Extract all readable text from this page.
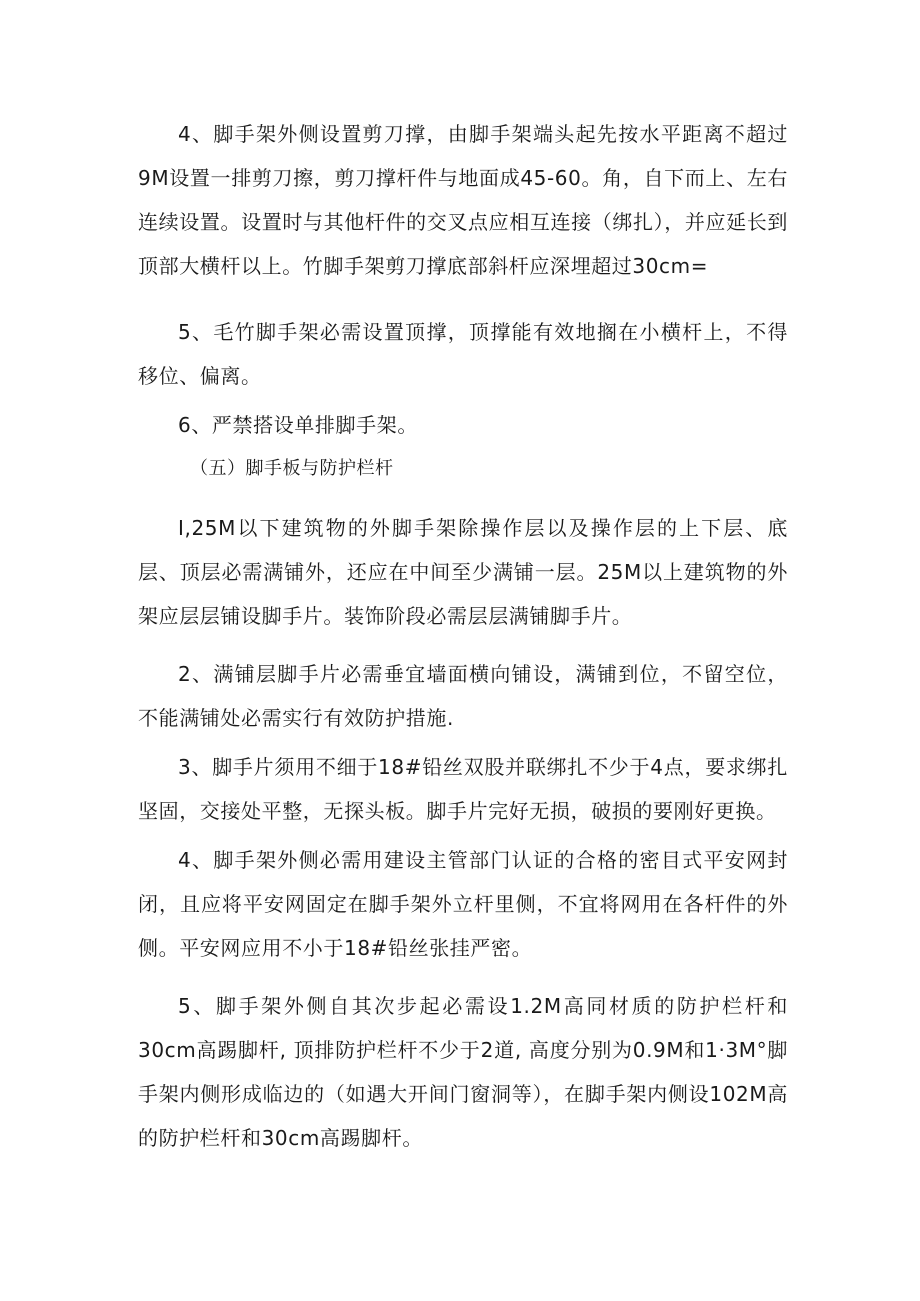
4、脚手架外侧设置剪刀撑，由脚手架端头起先按水平距离不超过9M设置一排剪刀擦，剪刀撑杆件与地面成45-60。角，自下而上、左右连续设置。设置时与其他杆件的交叉点应相互连接（绑扎），并应延长到顶部大横杆以上。竹脚手架剪刀撑底部斜杆应深埋超过30cm=

5、毛竹脚手架必需设置顶撑，顶撑能有效地搁在小横杆上，不得移位、偏离。

6、严禁搭设单排脚手架。

（五）脚手板与防护栏杆

I,25M以下建筑物的外脚手架除操作层以及操作层的上下层、底层、顶层必需满铺外，还应在中间至少满铺一层。25M以上建筑物的外架应层层铺设脚手片。装饰阶段必需层层满铺脚手片。

2、满铺层脚手片必需垂宜墙面横向铺设，满铺到位，不留空位，不能满铺处必需实行有效防护措施.

3、脚手片须用不细于18#铅丝双股并联绑扎不少于4点，要求绑扎坚固，交接处平整，无探头板。脚手片完好无损，破损的要刚好更换。

4、脚手架外侧必需用建设主管部门认证的合格的密目式平安网封闭，且应将平安网固定在脚手架外立杆里侧，不宜将网用在各杆件的外侧。平安网应用不小于18#铅丝张挂严密。

5、脚手架外侧自其次步起必需设1.2M高同材质的防护栏杆和30cm高踢脚杆, 顶排防护栏杆不少于2道, 高度分别为0.9M和1·3M°脚手架内侧形成临边的（如遇大开间门窗洞等），在脚手架内侧设102M高的防护栏杆和30cm高踢脚杆。
